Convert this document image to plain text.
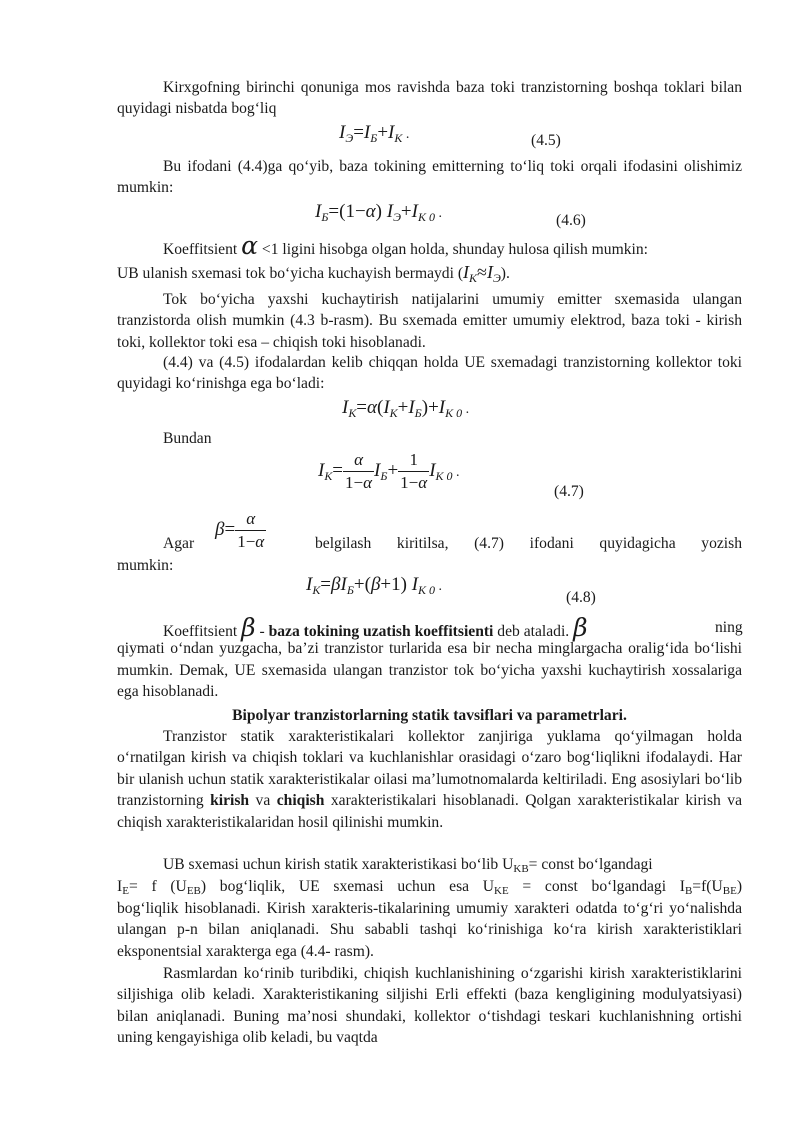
Kirxgofning birinchi qonuniga mos ravishda baza toki tranzistorning boshqa toklari bilan quyidagi nisbatda bog‘liq
$I_Э=I_Б+I_К$ .	(4.5)
Bu ifodani (4.4)ga qo‘yib, baza tokining emitterning to‘liq toki orqali ifodasini olishimiz mumkin:
$I_Б=(1-\alpha)$ $I_Э+I_{К 0}$ .	(4.6)
Koeffitsient α <1 ligini hisobga olgan holda, shunday hulosa qilish mumkin:
UB ulanish sxemasi tok bo‘yicha kuchayish bermaydi $(I_K\approx I_Э)$.
Tok bo‘yicha yaxshi kuchaytirish natijalarini umumiy emitter sxemasida ulangan tranzistorda olish mumkin (4.3 b-rasm). Bu sxemada emitter umumiy elektrod, baza toki - kirish toki, kollektor toki esa – chiqish toki hisoblanadi.
(4.4) va (4.5) ifodalardan kelib chiqqan holda UE sxemadagi tranzistorning kollektor toki quyidagi ko‘rinishga ega bo‘ladi:
$I_К=\alpha(I_К+I_Б)+I_{К 0}$ .
Bundan
$I_К= \frac{\alpha}{1-\alpha} I_Б+ \frac{1}{1-\alpha} I_{К 0}$ .
(4.7)
$\beta= \frac{\alpha}{1-\alpha}$
Agar	belgilash kiritilsa, (4.7) ifodani quyidagicha yozish
mumkin:
$I_К=\beta I_Б+(\beta+1)$ $I_{К 0}$ .
(4.8)
Koeffitsient β - baza tokining uzatish koeffitsienti deb ataladi. β	ning qiymati o‘ndan yuzgacha, ba’zi tranzistor turlarida esa bir necha minglargacha oralig‘ida bo‘lishi mumkin. Demak, UE sxemasida ulangan tranzistor tok bo‘yicha yaxshi kuchaytirish xossalariga ega hisoblanadi.
Bipolyar tranzistorlarning statik tavsiflari va parametrlari.
Tranzistor statik xarakteristikalari kollektor zanjiriga yuklama qo‘yilmagan holda o‘rnatilgan kirish va chiqish toklari va kuchlanishlar orasidagi o‘zaro bog‘liqlikni ifodalaydi. Har bir ulanish uchun statik xarakteristikalar oilasi ma’lumotnomalarda keltiriladi. Eng asosiylari bo‘lib tranzistorning kirish va chiqish xarakteristikalari hisoblanadi. Qolgan xarakteristikalar kirish va chiqish xarakteristikalaridan hosil qilinishi mumkin.
UB sxemasi uchun kirish statik xarakteristikasi bo‘lib UKB= const bo‘lgandagi
IE= f (UEB) bog‘liqlik, UE sxemasi uchun esa UKE = const bo‘lgandagi IB=f(UBE)
bog‘liqlik hisoblanadi. Kirish xarakteris-tikalarining umumiy xarakteri odatda to‘g‘ri yo‘nalishda ulangan p-n bilan aniqlanadi. Shu sababli tashqi ko‘rinishiga ko‘ra kirish xarakteristiklari eksponentsial xarakterga ega (4.4- rasm).
Rasmlardan ko‘rinib turibdiki, chiqish kuchlanishining o‘zgarishi kirish xarakteristiklarini siljishiga olib keladi. Xarakteristikaning siljishi Erli effekti (baza kengligining modulyatsiyasi) bilan aniqlanadi. Buning ma’nosi shundaki, kollektor o‘tishdagi teskari kuchlanishning ortishi uning kengayishiga olib keladi, bu vaqtda
